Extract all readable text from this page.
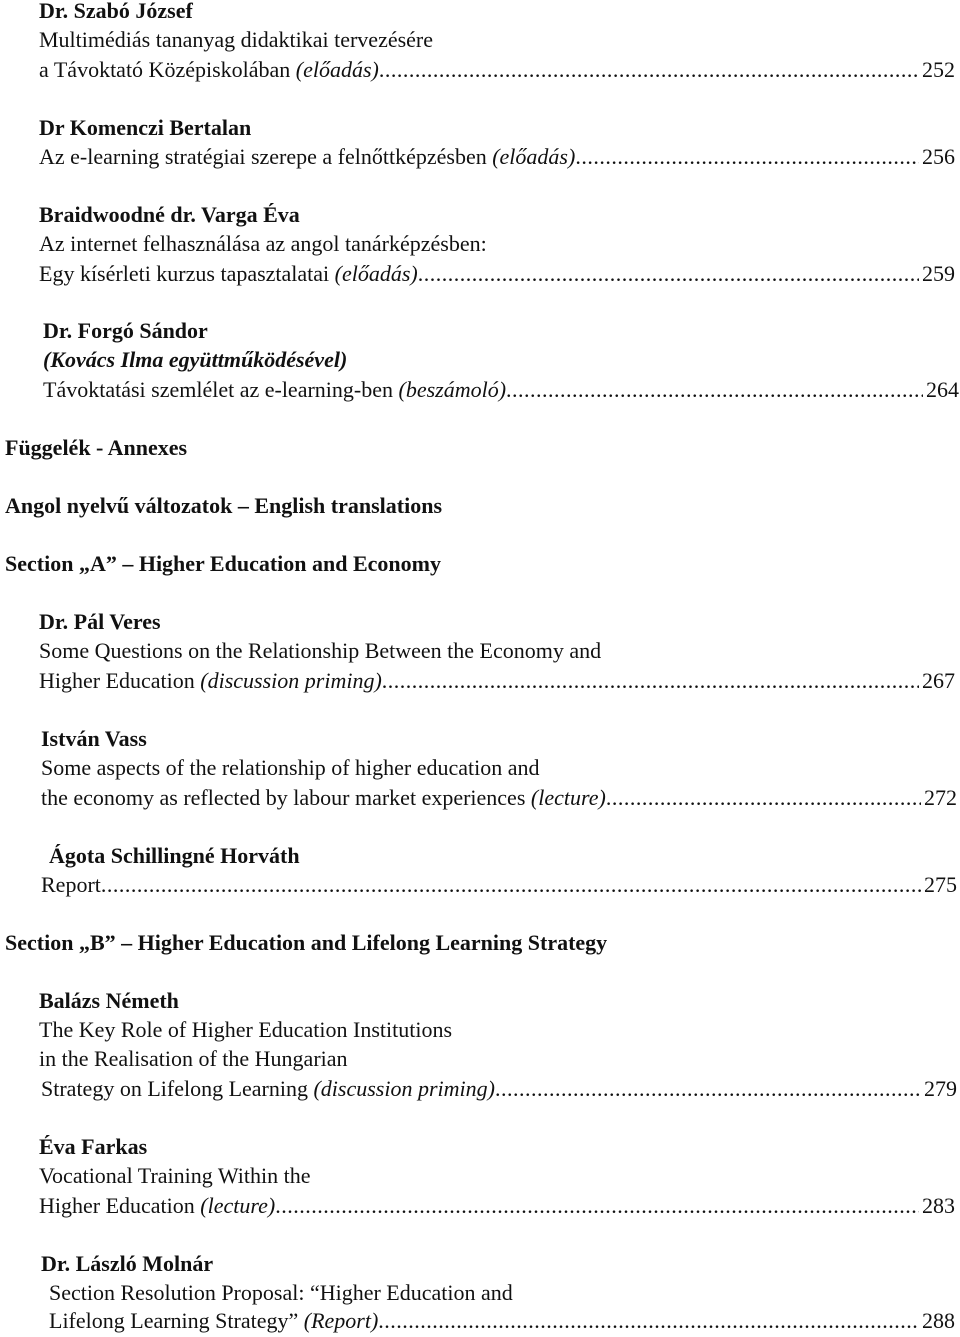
Dr. Szabó József
Multimédiás tananyag didaktikai tervezésére
a Távoktató Középiskolában (előadás) .....	252
Dr Komenczi Bertalan
Az e-learning stratégiai szerepe a felnőttképzésben (előadás) .....	256
Braidwoodné dr. Varga Éva
Az internet felhasználása az angol tanárképzésben:
Egy kísérleti kurzus tapasztalatai (előadás) .....	259
Dr. Forgó Sándor
(Kovács Ilma együttműködésével)
Távoktatási szemlélet az e-learning-ben (beszámoló) .....	264
Függelék - Annexes
Angol nyelvű változatok – English translations
Section „A” – Higher Education and Economy
Dr. Pál Veres
Some Questions on the Relationship Between the Economy and
Higher Education (discussion priming) .....	267
István Vass
Some aspects of the relationship of higher education and
the economy as reflected by labour market experiences (lecture) .....	272
Ágota Schillingné Horváth
Report .....	275
Section „B” – Higher Education and Lifelong Learning Strategy
Balázs Németh
The Key Role of Higher Education Institutions
in the Realisation of the Hungarian
Strategy on Lifelong Learning (discussion priming) .....	279
Éva Farkas
Vocational Training Within the
Higher Education (lecture) .....	283
Dr. László Molnár
Section Resolution Proposal: “Higher Education and
Lifelong Learning Strategy” (Report) .....	288
